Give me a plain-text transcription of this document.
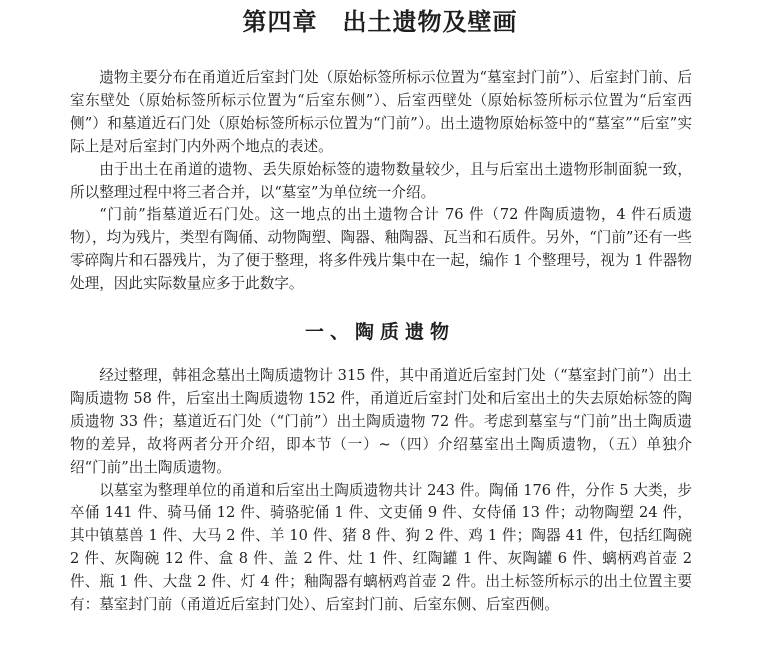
第四章　出土遗物及壁画

遗物主要分布在甬道近后室封门处（原始标签所标示位置为“墓室封门前”）、后室封门前、后室东壁处（原始标签所标示位置为“后室东侧”）、后室西壁处（原始标签所标示位置为“后室西侧”）和墓道近石门处（原始标签所标示位置为“门前”）。出土遗物原始标签中的“墓室”“后室”实际上是对后室封门内外两个地点的表述。

由于出土在甬道的遗物、丢失原始标签的遗物数量较少，且与后室出土遗物形制面貌一致，所以整理过程中将三者合并，以“墓室”为单位统一介绍。

“门前”指墓道近石门处。这一地点的出土遗物合计 76 件（72 件陶质遗物，4 件石质遗物），均为残片，类型有陶俑、动物陶塑、陶器、釉陶器、瓦当和石质件。另外，“门前”还有一些零碎陶片和石器残片，为了便于整理，将多件残片集中在一起，编作 1 个整理号，视为 1 件器物处理，因此实际数量应多于此数字。

一、陶质遗物

经过整理，韩祖念墓出土陶质遗物计 315 件，其中甬道近后室封门处（“墓室封门前”）出土陶质遗物 58 件，后室出土陶质遗物 152 件，甬道近后室封门处和后室出土的失去原始标签的陶质遗物 33 件；墓道近石门处（“门前”）出土陶质遗物 72 件。考虑到墓室与“门前”出土陶质遗物的差异，故将两者分开介绍，即本节（一）~（四）介绍墓室出土陶质遗物，（五）单独介绍“门前”出土陶质遗物。

以墓室为整理单位的甬道和后室出土陶质遗物共计 243 件。陶俑 176 件，分作 5 大类，步卒俑 141 件、骑马俑 12 件、骑骆驼俑 1 件、文吏俑 9 件、女侍俑 13 件；动物陶塑 24 件，其中镇墓兽 1 件、大马 2 件、羊 10 件、猪 8 件、狗 2 件、鸡 1 件；陶器 41 件，包括红陶碗 2 件、灰陶碗 12 件、盒 8 件、盖 2 件、灶 1 件、红陶罐 1 件、灰陶罐 6 件、螭柄鸡首壶 2 件、瓶 1 件、大盘 2 件、灯 4 件；釉陶器有螭柄鸡首壶 2 件。出土标签所标示的出土位置主要有：墓室封门前（甬道近后室封门处）、后室封门前、后室东侧、后室西侧。
